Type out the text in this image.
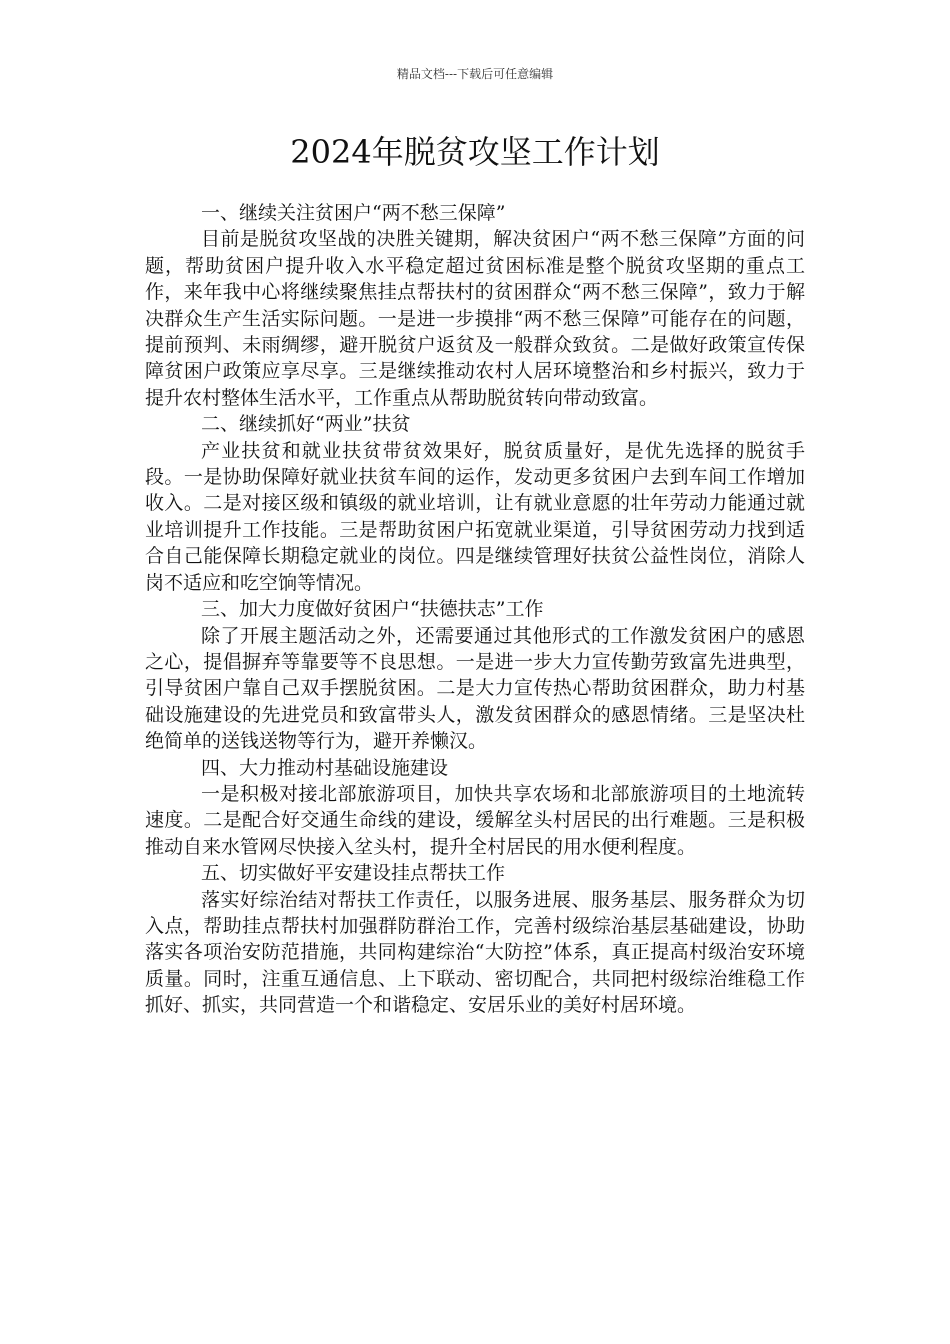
精品文档---下载后可任意编辑
2024年脱贫攻坚工作计划

一、继续关注贫困户“两不愁三保障”

目前是脱贫攻坚战的决胜关键期，解决贫困户“两不愁三保障”方面的问题，帮助贫困户提升收入水平稳定超过贫困标准是整个脱贫攻坚期的重点工作，来年我中心将继续聚焦挂点帮扶村的贫困群众“两不愁三保障”，致力于解决群众生产生活实际问题。一是进一步摸排“两不愁三保障”可能存在的问题，提前预判、未雨绸缪，避开脱贫户返贫及一般群众致贫。二是做好政策宣传保障贫困户政策应享尽享。三是继续推动农村人居环境整治和乡村振兴，致力于提升农村整体生活水平，工作重点从帮助脱贫转向带动致富。

二、继续抓好“两业”扶贫

产业扶贫和就业扶贫带贫效果好，脱贫质量好，是优先选择的脱贫手段。一是协助保障好就业扶贫车间的运作，发动更多贫困户去到车间工作增加收入。二是对接区级和镇级的就业培训，让有就业意愿的壮年劳动力能通过就业培训提升工作技能。三是帮助贫困户拓宽就业渠道，引导贫困劳动力找到适合自己能保障长期稳定就业的岗位。四是继续管理好扶贫公益性岗位，消除人岗不适应和吃空饷等情况。

三、加大力度做好贫困户“扶德扶志”工作

除了开展主题活动之外，还需要通过其他形式的工作激发贫困户的感恩之心，提倡摒弃等靠要等不良思想。一是进一步大力宣传勤劳致富先进典型，引导贫困户靠自己双手摆脱贫困。二是大力宣传热心帮助贫困群众，助力村基础设施建设的先进党员和致富带头人，激发贫困群众的感恩情绪。三是坚决杜绝简单的送钱送物等行为，避开养懒汉。

四、大力推动村基础设施建设

一是积极对接北部旅游项目，加快共享农场和北部旅游项目的土地流转速度。二是配合好交通生命线的建设，缓解坌头村居民的出行难题。三是积极推动自来水管网尽快接入坌头村，提升全村居民的用水便利程度。

五、切实做好平安建设挂点帮扶工作

落实好综治结对帮扶工作责任，以服务进展、服务基层、服务群众为切入点，帮助挂点帮扶村加强群防群治工作，完善村级综治基层基础建设，协助落实各项治安防范措施，共同构建综治“大防控”体系，真正提高村级治安环境质量。同时，注重互通信息、上下联动、密切配合，共同把村级综治维稳工作抓好、抓实，共同营造一个和谐稳定、安居乐业的美好村居环境。
